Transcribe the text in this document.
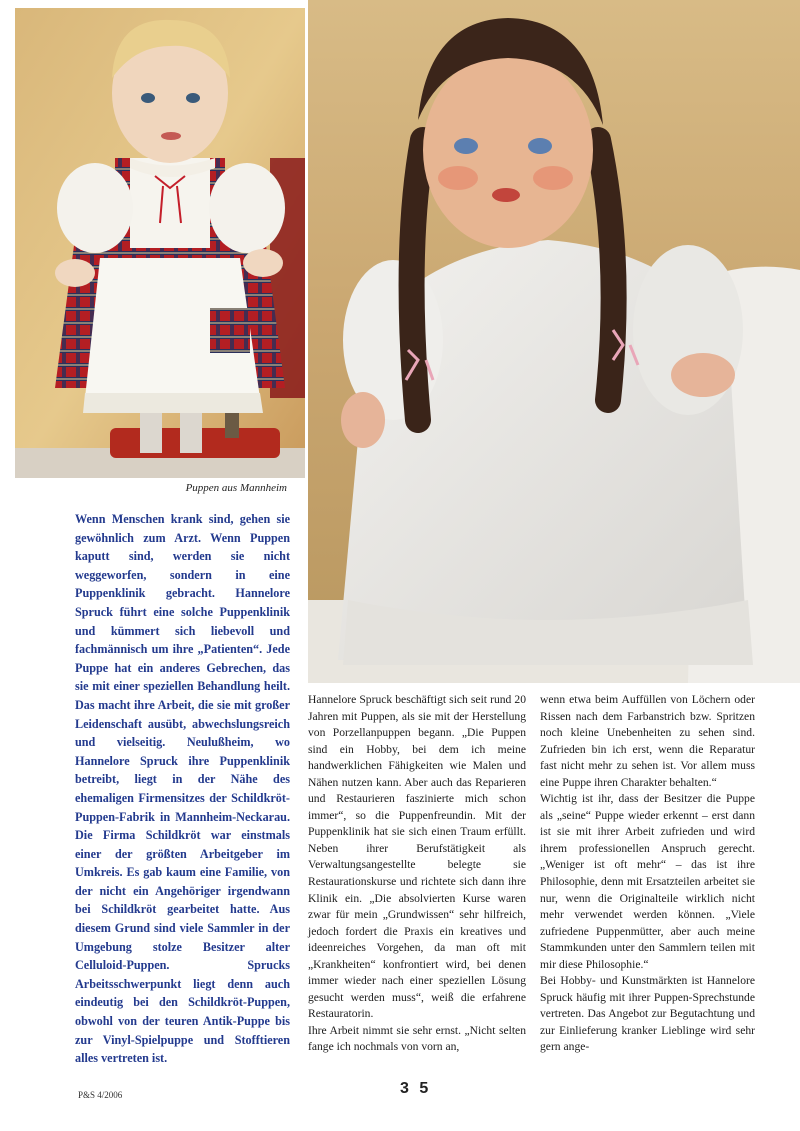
Puppen aus Mannheim
Wenn Menschen krank sind, gehen sie gewöhnlich zum Arzt. Wenn Puppen kaputt sind, werden sie nicht weggeworfen, sondern in eine Puppenklinik gebracht. Hannelore Spruck führt eine solche Puppenklinik und kümmert sich liebevoll und fachmännisch um ihre „Patienten“. Jede Puppe hat ein anderes Gebrechen, das sie mit einer speziellen Behandlung heilt. Das macht ihre Arbeit, die sie mit großer Leidenschaft ausübt, abwechslungsreich und vielseitig. Neulußheim, wo Hannelore Spruck ihre Puppenklinik betreibt, liegt in der Nähe des ehemaligen Firmensitzes der Schildkröt-Puppen-Fabrik in Mannheim-Neckarau. Die Firma Schildkröt war einstmals einer der größten Arbeitgeber im Umkreis. Es gab kaum eine Familie, von der nicht ein Angehöriger irgendwann bei Schildkröt gearbeitet hatte. Aus diesem Grund sind viele Sammler in der Umgebung stolze Besitzer alter Celluloid-Puppen. Sprucks Arbeitsschwerpunkt liegt denn auch eindeutig bei den Schildkröt-Puppen, obwohl von der teuren Antik-Puppe bis zur Vinyl-Spielpuppe und Stofftieren alles vertreten ist.

Hannelore Spruck beschäftigt sich seit rund 20 Jahren mit Puppen, als sie mit der Herstellung von Porzellanpuppen begann. „Die Puppen sind ein Hobby, bei dem ich meine handwerklichen Fähigkeiten wie Malen und Nähen nutzen kann. Aber auch das Reparieren und Restaurieren faszinierte mich schon immer“, so die Puppenfreundin. Mit der Puppenklinik hat sie sich einen Traum erfüllt. Neben ihrer Berufstätigkeit als Verwaltungsangestellte belegte sie Restaurationskurse und richtete sich dann ihre Klinik ein. „Die absolvierten Kurse waren zwar für mein „Grundwissen“ sehr hilfreich, jedoch fordert die Praxis ein kreatives und ideenreiches Vorgehen, da man oft mit „Krankheiten“ konfrontiert wird, bei denen immer wieder nach einer speziellen Lösung gesucht werden muss“, weiß die erfahrene Restauratorin.

Ihre Arbeit nimmt sie sehr ernst. „Nicht selten fange ich nochmals von vorn an,

wenn etwa beim Auffüllen von Löchern oder Rissen nach dem Farbanstrich bzw. Spritzen noch kleine Unebenheiten zu sehen sind. Zufrieden bin ich erst, wenn die Reparatur fast nicht mehr zu sehen ist. Vor allem muss eine Puppe ihren Charakter behalten.“

Wichtig ist ihr, dass der Besitzer die Puppe als „seine“ Puppe wieder erkennt – erst dann ist sie mit ihrer Arbeit zufrieden und wird ihrem professionellen Anspruch gerecht. „Weniger ist oft mehr“ – das ist ihre Philosophie, denn mit Ersatzteilen arbeitet sie nur, wenn die Originalteile wirklich nicht mehr verwendet werden können. „Viele zufriedene Puppenmütter, aber auch meine Stammkunden unter den Sammlern teilen mit mir diese Philosophie.“

Bei Hobby- und Kunstmärkten ist Hannelore Spruck häufig mit ihrer Puppen-Sprechstunde vertreten. Das Angebot zur Begutachtung und zur Einlieferung kranker Lieblinge wird sehr gern ange-

P&S 4/2006	3 5
